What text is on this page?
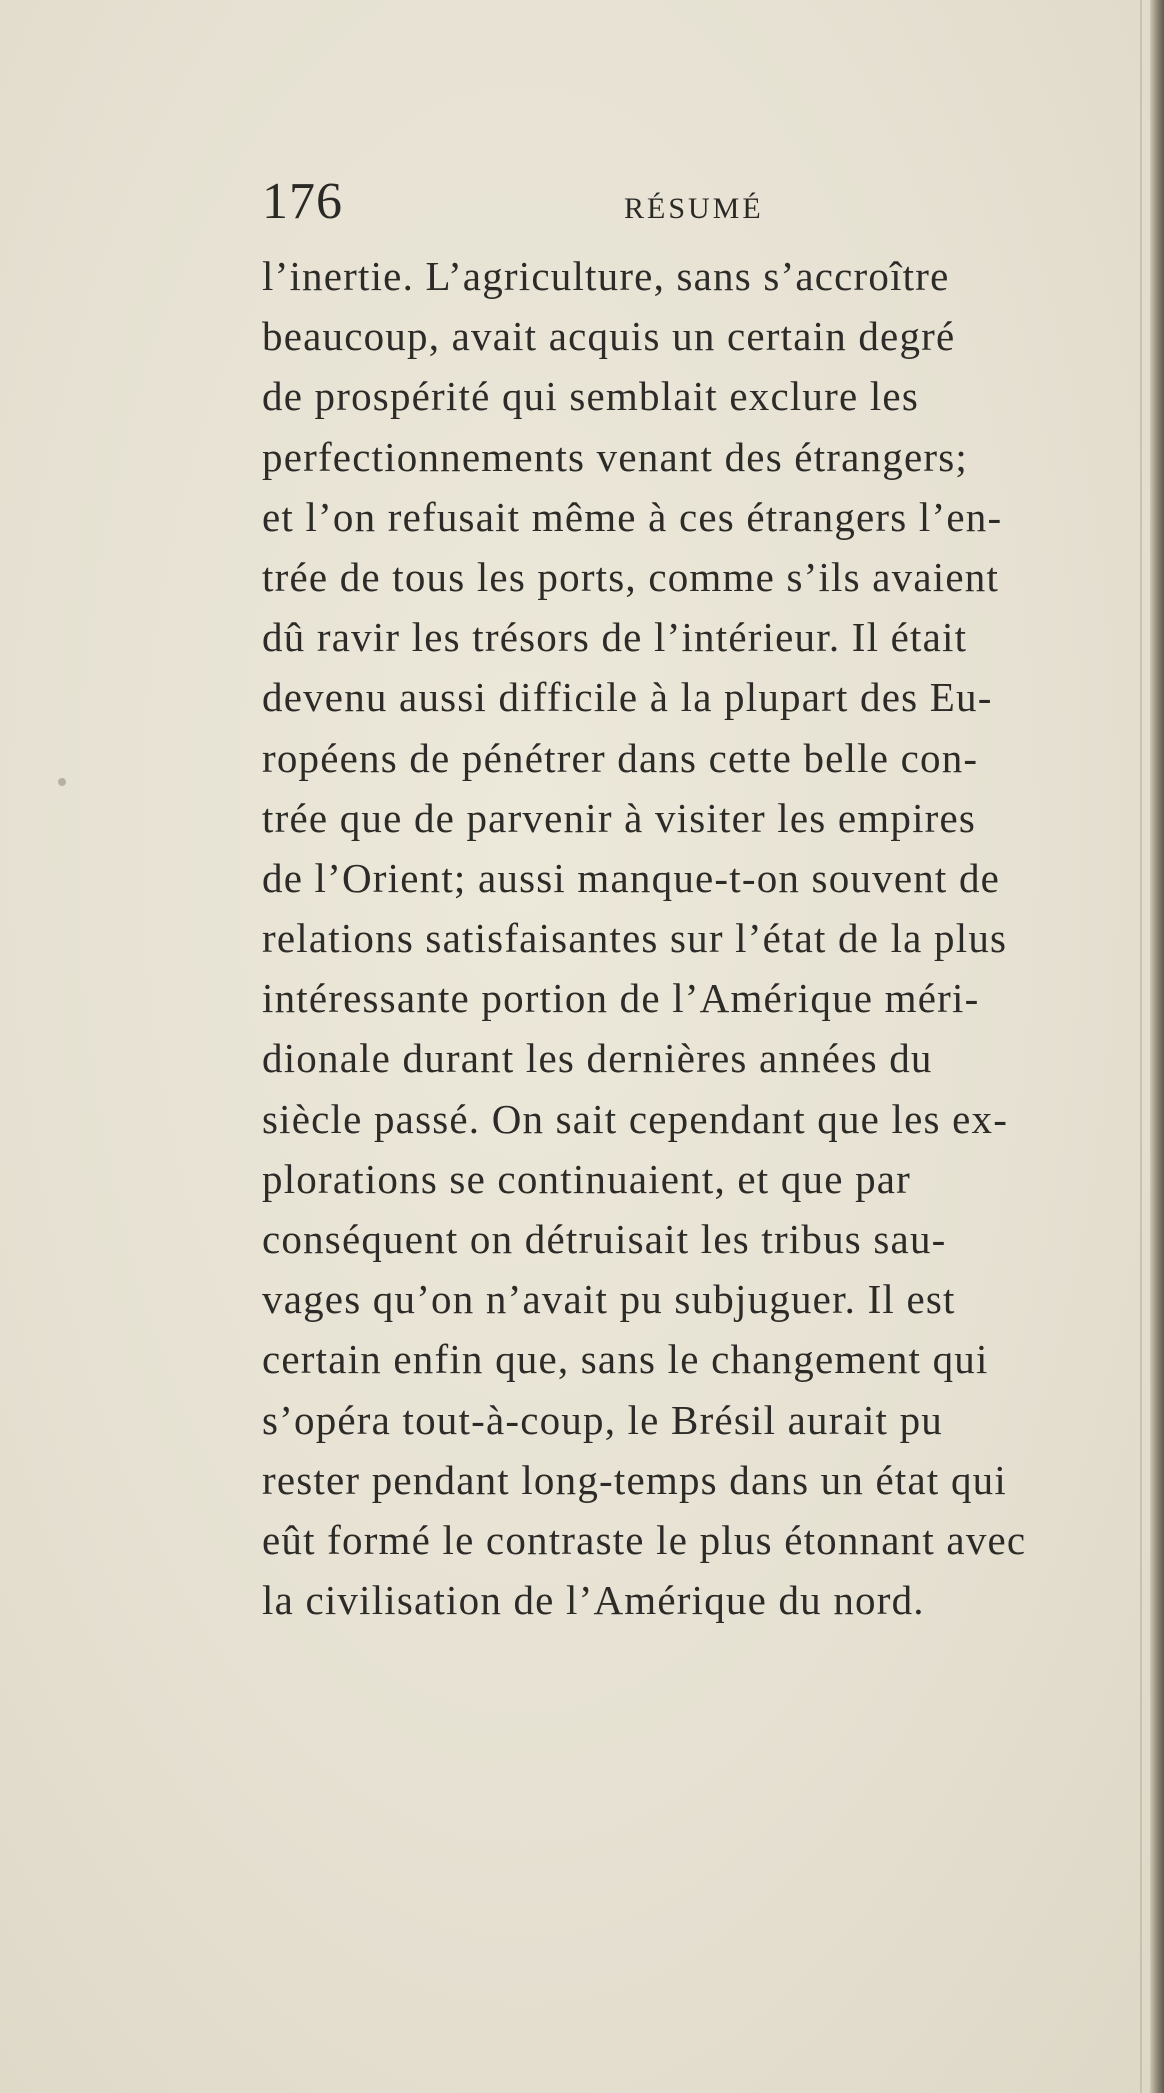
176	RÉSUMÉ
l’inertie. L’agriculture, sans s’accroître
beaucoup, avait acquis un certain degré
de prospérité qui semblait exclure les
perfectionnements venant des étrangers;
et l’on refusait même à ces étrangers l’en-
trée de tous les ports, comme s’ils avaient
dû ravir les trésors de l’intérieur. Il était
devenu aussi difficile à la plupart des Eu-
ropéens de pénétrer dans cette belle con-
trée que de parvenir à visiter les empires
de l’Orient; aussi manque-t-on souvent de
relations satisfaisantes sur l’état de la plus
intéressante portion de l’Amérique méri-
dionale durant les dernières années du
siècle passé. On sait cependant que les ex-
plorations se continuaient, et que par
conséquent on détruisait les tribus sau-
vages qu’on n’avait pu subjuguer. Il est
certain enfin que, sans le changement qui
s’opéra tout-à-coup, le Brésil aurait pu
rester pendant long-temps dans un état qui
eût formé le contraste le plus étonnant avec
la civilisation de l’Amérique du nord.
